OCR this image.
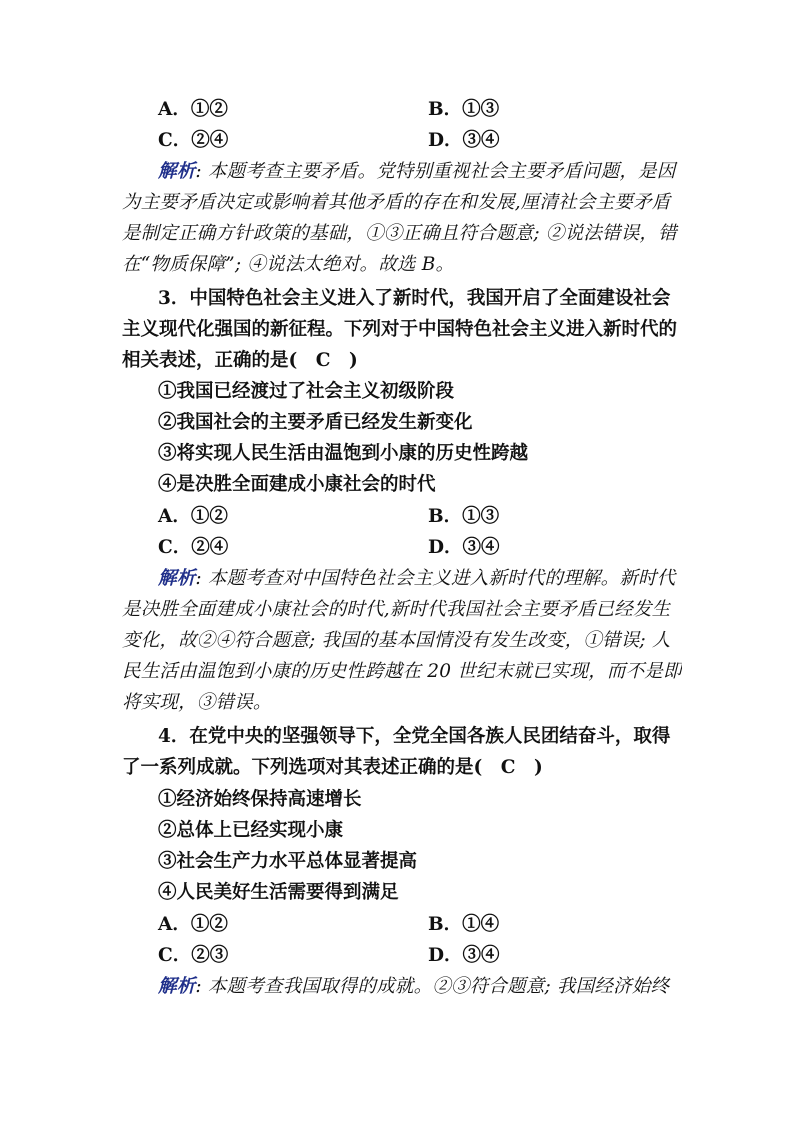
A．①②	B．①③
C．②④	D．③④
解析: 本题考查主要矛盾。党特别重视社会主要矛盾问题，是因
为主要矛盾决定或影响着其他矛盾的存在和发展,厘清社会主要矛盾
是制定正确方针政策的基础，①③正确且符合题意; ②说法错误，错
在“物质保障”; ④说法太绝对。故选 B。
3．中国特色社会主义进入了新时代，我国开启了全面建设社会
主义现代化强国的新征程。下列对于中国特色社会主义进入新时代的
相关表述，正确的是(　C　)
①我国已经渡过了社会主义初级阶段
②我国社会的主要矛盾已经发生新变化
③将实现人民生活由温饱到小康的历史性跨越
④是决胜全面建成小康社会的时代
A．①②	B．①③
C．②④	D．③④
解析: 本题考查对中国特色社会主义进入新时代的理解。新时代
是决胜全面建成小康社会的时代,新时代我国社会主要矛盾已经发生
变化，故②④符合题意; 我国的基本国情没有发生改变，①错误; 人
民生活由温饱到小康的历史性跨越在 20 世纪末就已实现，而不是即
将实现，③错误。
4．在党中央的坚强领导下，全党全国各族人民团结奋斗，取得
了一系列成就。下列选项对其表述正确的是(　C　)
①经济始终保持高速增长
②总体上已经实现小康
③社会生产力水平总体显著提高
④人民美好生活需要得到满足
A．①②	B．①④
C．②③	D．③④
解析: 本题考查我国取得的成就。②③符合题意; 我国经济始终
